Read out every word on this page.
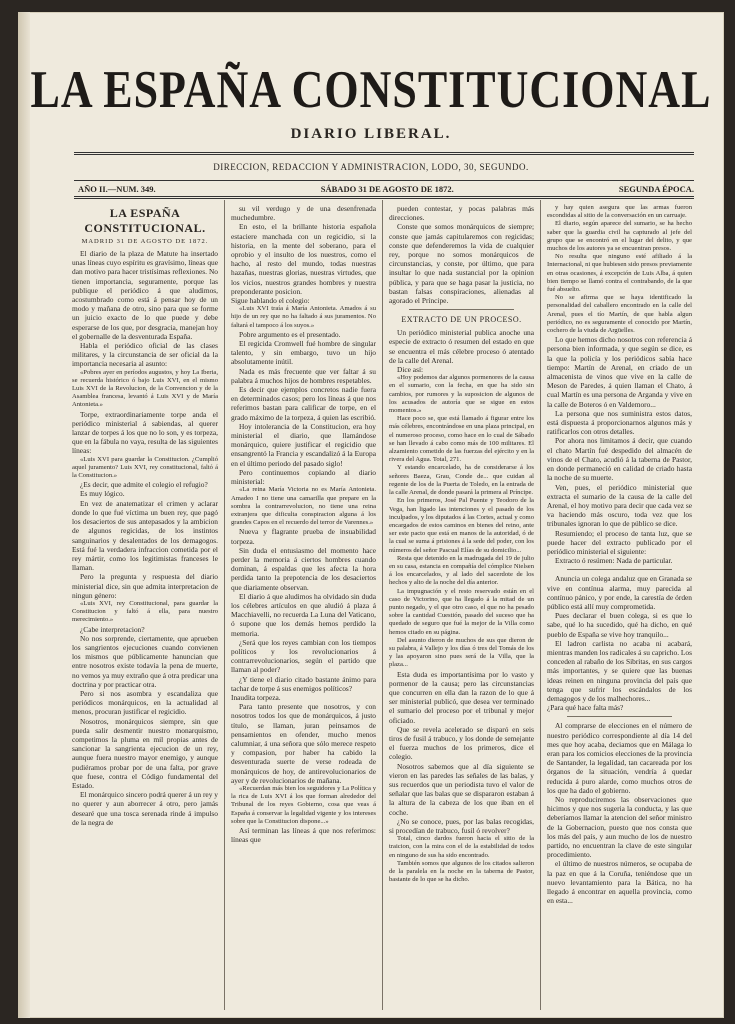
LA ESPAÑA CONSTITUCIONAL
DIARIO LIBERAL.
DIRECCION, REDACCION Y ADMINISTRACION, LODO, 30, SEGUNDO.
AÑO II.—NUM. 349.	SÁBADO 31 DE AGOSTO DE 1872.	SEGUNDA ÉPOCA.
LA ESPAÑA CONSTITUCIONAL.
MADRID 31 DE AGOSTO DE 1872.

El diario de la plaza de Matute ha insertado unas líneas cuyo espíritu es gravísimo, líneas que dan motivo para hacer tristísimas reflexiones. No tienen importancia, seguramente, porque las publique el periódico á que aludimos, acostumbrado como está á pensar hoy de un modo y mañana de otro, sino para que se forme un juicio exacto de lo que puede y debe esperarse de los que, por desgracia, manejan hoy el gobernalle de la desventurada España.

Habla el periódico oficial de las clases militares, y la circunstancia de ser oficial da la importancia necesaria al asunto:

«Pobres ayer en períodos augustos, y hoy La Iberia, se recuerda histórico ó bajo Luis XVI, en el mismo Luis XVI de la Revolucion, de la Convencion y de la Asamblea francesa, levantó á Luis XVI y de María Antonieta.»

Torpe, extraordinariamente torpe anda el periódico ministerial á sabiendas, al querer lanzar de torpes á los que no lo son, y es torpeza, que en la fábula no vaya, resulta de las siguientes líneas:

«Luis XVI para guardar la Constitucion. ¿Cumplió aquel juramento? Luis XVI, rey constitucional, faltó á la Constitucion.»

¿Es decir, que admite el colegio el refugio?

Es muy lógico.

En vez de anatematizar el crimen y aclarar donde lo que fué víctima un buen rey, que pagó los desaciertos de sus antepasados y la ambicion de algunos regicidas, de los instintos sanguinarios y desalentados de los demagogos. Está fué la verdadera infraccion cometida por el rey mártir, como los legitimistas franceses le llaman.

Pero la pregunta y respuesta del diario ministerial dice, sin que admita interpretacion de ningun género:

«Luis XVI, rey Constitucional, para guardar la Constitucion y faltó á ella, para nuestro merecimiento.»

¿Cabe interpretacion?

No nos sorprende, ciertamente, que aprueben los sangrientos ejecuciones cuando convienen los mismos que públicamente hanuncian que entre nosotros existe todavía la pena de muerte, no vemos ya muy extraño que á otra predicar una doctrina y por practicar otra.

Pero si nos asombra y escandaliza que periódicos monárquicos, en la actualidad al menos, procuran justificar el regicidio.

Nosotros, monárquicos siempre, sin que pueda salir desmentir nuestro monarquismo, competimos la pluma en mil propias antes de sancionar la sangrienta ejecucion de un rey, aunque fuera nuestro mayor enemigo, y aunque pudiéramos probar por de una falta, por grave que fuese, contra el Código fundamental del Estado.

El monárquico sincero podrá querer á un rey y no querer y aun aborrecer á otro, pero jamás desearé que una tosca serenada rinde á impulso de la negra de

su vil verdugo y de una desenfrenada muchedumbre.

En esto, el la brillante historia española estaciere manchada con un regicidio, si la historia, en la mente del soberano, para el oprobio y el insulto de los nuestros, como el hacho, al resto del mundo, todas nuestras hazañas, nuestras glorias, nuestras virtudes, que los vicios, nuestros grandes hombres y nuestra preponderante posicion.

Sigue hablando el colegio:

«Luis XVI traía á María Antonieta. Amados á su hijo de un rey que no ha faltado á sus juramentos. No faltará el tampoco á los suyos.»

Pobre argumento es el presentado.

El regicida Cromwell fué hombre de singular talento, y sin embargo, tuvo un hijo absolutamente inútil.

Nada es más frecuente que ver faltar á su palabra á muchos hijos de hombres respetables.

Es decir que ejemplos concretos nadie fuera en determinados casos; pero los líneas á que nos referimos bastan para calificar de torpe, en el grado máximo de la torpeza, á quien las escribió.

Hoy intolerancia de la Constitucion, era hoy ministerial el diario, que llamándose monárquico, quiere justificar el regicidio que ensangrentó la Francia y escandalizó á la Europa en el último periodo del pasado siglo!

Pero continuemos copiando al diario ministerial:

«La reina María Victoria no es María Antonieta. Amadeo I no tiene una camarilla que prepare en la sombra la contrarrevolucion, no tiene una reina extranjera que dificulta conspiracion alguna á los grandes Capos en el recuerdo del terror de Varennes.»

Nueva y flagrante prueba de insuabilidad torpeza.

Sin duda el entusiasmo del momento hace perder la memoria á ciertos hombres cuando dominan, á espaldas que les afecta la hora perdida tanto la prepotencia de los desaciertos que diariamente observan.

El diario á que aludimos ha olvidado sin duda los célebres artículos en que aludió á plaza á Macchiavelli, no recuerda La Luna del Vaticano, ó supone que los demás hemos perdido la memoria.

¿Será que los reyes cambian con los tiempos políticos y los revolucionarios á contrarrevolucionarios, según el partido que llaman al poder?

¿Y tiene el diario citado bastante ánimo para tachar de torpe á sus enemigos políticos?

Inaudita torpeza.

Para tanto presente que nosotros, y con nosotros todos los que de monárquicos, á justo título, se llaman, juran peinsamos de pensamientos en ofender, mucho menos calumniar, á una señora que sólo merece respeto y compasion, por haber ha cabido la desventurada suerte de verse rodeada de monárquicos de hoy, de antirevolucionarios de ayer y de revolucionarios de mañana.

«Recuerdan más bien los seguidores y La Política y la rica de Luis XVI á los que forman alrededor del Tribunal de los reyes Gobierno, cosa que veas á España á conservar la legalidad vigente y los intereses sobre que la Constitucion dispone...»

Así terminan las líneas á que nos referimos: líneas que

pueden contestar, y pocas palabras más direcciones.

Conste que somos monárquicos de siempre; conste que jamás capitularemos con regicidas; conste que defenderemos la vida de cualquier rey, porque no somos monárquicos de circunstancias, y conste, por último, que para insultar lo que nada sustancial por la opinion pública, y para que se haga pasar la justicia, no bastan falsas conspiraciones, alienadas al agorado el Príncipe.

EXTRACTO DE UN PROCESO.

Un periódico ministerial publica anoche una especie de extracto ó resumen del estado en que se encuentra el más célebre proceso ó atentado de la calle del Arenal.

Dice así:

«Hoy podemos dar algunos pormenores de la causa en el sumario, con la fecha, en que ha sido sin cambios, por rumores y la suposicion de algunos de los acusados de autoría que se sigue en estos momentos.»

Hace poco se, que está llamado á figurar entre los más célebres, encontrándose en una plaza principal, en el numeroso proceso, como hace en lo cual de Sábado se han llevado á cabo como más de 100 militares. El alzamiento cometido de las fuerzas del ejército y en la rivera del Agua. Total, 271.

Y estando encarcelado, ha de considerarse á los señores Baeza, Grau, Conde de... que cuidan al regente de los de la Puerta de Toledo, en la entrada de la calle Arenal, de donde pasará la primera al Príncipe.

En los primeros, José Pal Puente y Teodoro de la Vega, han ligado las intenciones y el pasado de los inculpados, y los diputados á las Cortes, actual y como encargados de estos caminos en bienes del reino, ante ser este pacto que está en manos de la autoridad, ó de la cual se suma á prisiones á la sede del poder, con los números del señor Pascual Elías de su domicilio...

Resta que detenido en la madrugada del 19 de julio en su casa, estancia en compañía del cómplice Nielsen á los encarcelados, y al lado del sacerdote de los hechos y alto de la noche del día anterior.

La impugnación y el resto reservado están en el caso de Victorino, que ha llegado á la mitad de un punto negado, y el que otro caso, el que no ha pesado sobre la cantidad Cuestión, pasado del suceso que ha quedado de seguro que fué la mejor de la Villa como hemos citado en su página.

Del asunto dieron de muchos de sus que dieron de su palabra, á Vallejo y los días ó tres del Tomás de los y las apoyaron sino pues será de la Villa, que la plaza...

Esta duda es importantísima por lo vasto y pormenor de la causa; pero las circunstancias que concurren en ella dan la razon de lo que á ser ministerial publicó, que desea ver terminado el sumario del proceso por el tribunal y mejor oficiado.

Que se revela acelerado se disparó en seis tiros de fusil á trabuco, y los donde de semejante el fuerza muchos de los primeros, dice el colegio.

Nosotros sabemos que al día siguiente se vieron en las paredes las señales de las balas, y sus recuerdos que un periodista tuvo el valor de señalar que las balas que se dispararon estaban á la altura de la cabeza de los que iban en el coche.

¿No se conoce, pues, por las balas recogidas, si procedían de trabuco, fusil ó revolver?

Total, cinco dardos fueron hacia el sitio de la traicion, con la mira con el de la estabilidad de todos en ninguno de sus ha sido encontrado.

También somos que algunos de los citados salieron de la paralela en la noche en la taberna de Pastor, bastante de lo que se ha dicho.

y hay quien asegura que las armas fueron escondidas al sitio de la conversación en un carruaje.

El diario, según aparece del sumario, se ha hecho saber que la guardia civil ha capturado al jefe del grupo que se encontró en el lugar del delito, y que muchos de los autores ya se encuentran presos.

No resulta que ninguno esté afiliado á la Internacional, ni que hubiesen sido presos previamente en otras ocasiones, á excepción de Luis Alba, á quien bien tiempo se llamó contra el contrabando, de la que fué absuelto.

No se afirma que se haya identificado la personalidad del caballero encontrado en la calle del Arenal, pues el tío Martín, de que habla algun periódico, no es seguramente el conocido por Martín, cochero de la viuda de Argüelles.

Lo que hemos dicho nosotros con referencia á persona bien informada, y que según se dice, es la que la policía y los periódicos sabía hace tiempo: Martín de Arenal, en criado de un almacenista de vinos que vive en la calle de Meson de Paredes, á quien llaman el Chato, á cual Martín es una persona de Arganda y vive en la calle de Boteros ó en Valdemoro...

La persona que nos suministra estos datos, está dispuesta á proporcionarnos algunos más y ratificarlos con otros detalles.

Por ahora nos limitamos á decir, que cuando el chato Martín fué despedido del almacén de vinos de el Chato, acudió á la taberna de Pastor, en donde permaneció en calidad de criado hasta la noche de su muerte.

Ven, pues, el periódico ministerial que extracta el sumario de la causa de la calle del Arenal, el hoy motivo para decir que cada vez se va haciendo más oscuro, toda vez que los tribunales ignoran lo que de público se dice.

Resumiendo; el proceso de tanta luz, que se puede hacer del extracto publicado por el periódico ministerial el siguiente:

Extracto ó resúmen: Nada de particular.

Anuncia un colega andaluz que en Granada se vive en contínua alarma, muy parecida al contínuo pánico, y por ende, la carestía de órden público está allí muy comprometida.

Pues declarar el buen colega, si es que lo sabe, qué lo ha sucedido, qué ha dicho, en qué pueblo de España se vive hoy tranquilo...

El ladron carlista no acaba ni acabará, mientras manden los radicales á su capricho. Los conceden al rabaño de los Sibritas, en sus cargos más importantes, y se quiere que las buenas ideas reinen en ninguna provincia del país que tenga que sufrir los escándalos de los demagogos y de los malhechores...

¿Para qué hace falta más?

Al comprarse de elecciones en el número de nuestro periódico correspondiente al día 14 del mes que hoy acaba, deciamos que en Málaga lo eran para los comicios elecciones de la provincia de Santander, la legalidad, tan cacareada por los órganos de la situación, vendría á quedar reducida á puro alarde, como muchos otros de los que ha dado el gobierno.

No reproduciremos las observaciones que hicimos y que nos sugeria la conducta, y las que deberíamos llamar la atencion del señor ministro de la Gobernacion, puesto que nos consta que los más del país, y aun mucho de los de nuestro partido, no encuentran la clave de este singular procedimiento.

el último de nuestros números, se ocupaba de la paz en que á la Coruña, teniéndose que un nuevo levantamiento para la Bática, no ha llegado á encontrar en aquella provincia, como en esta...
